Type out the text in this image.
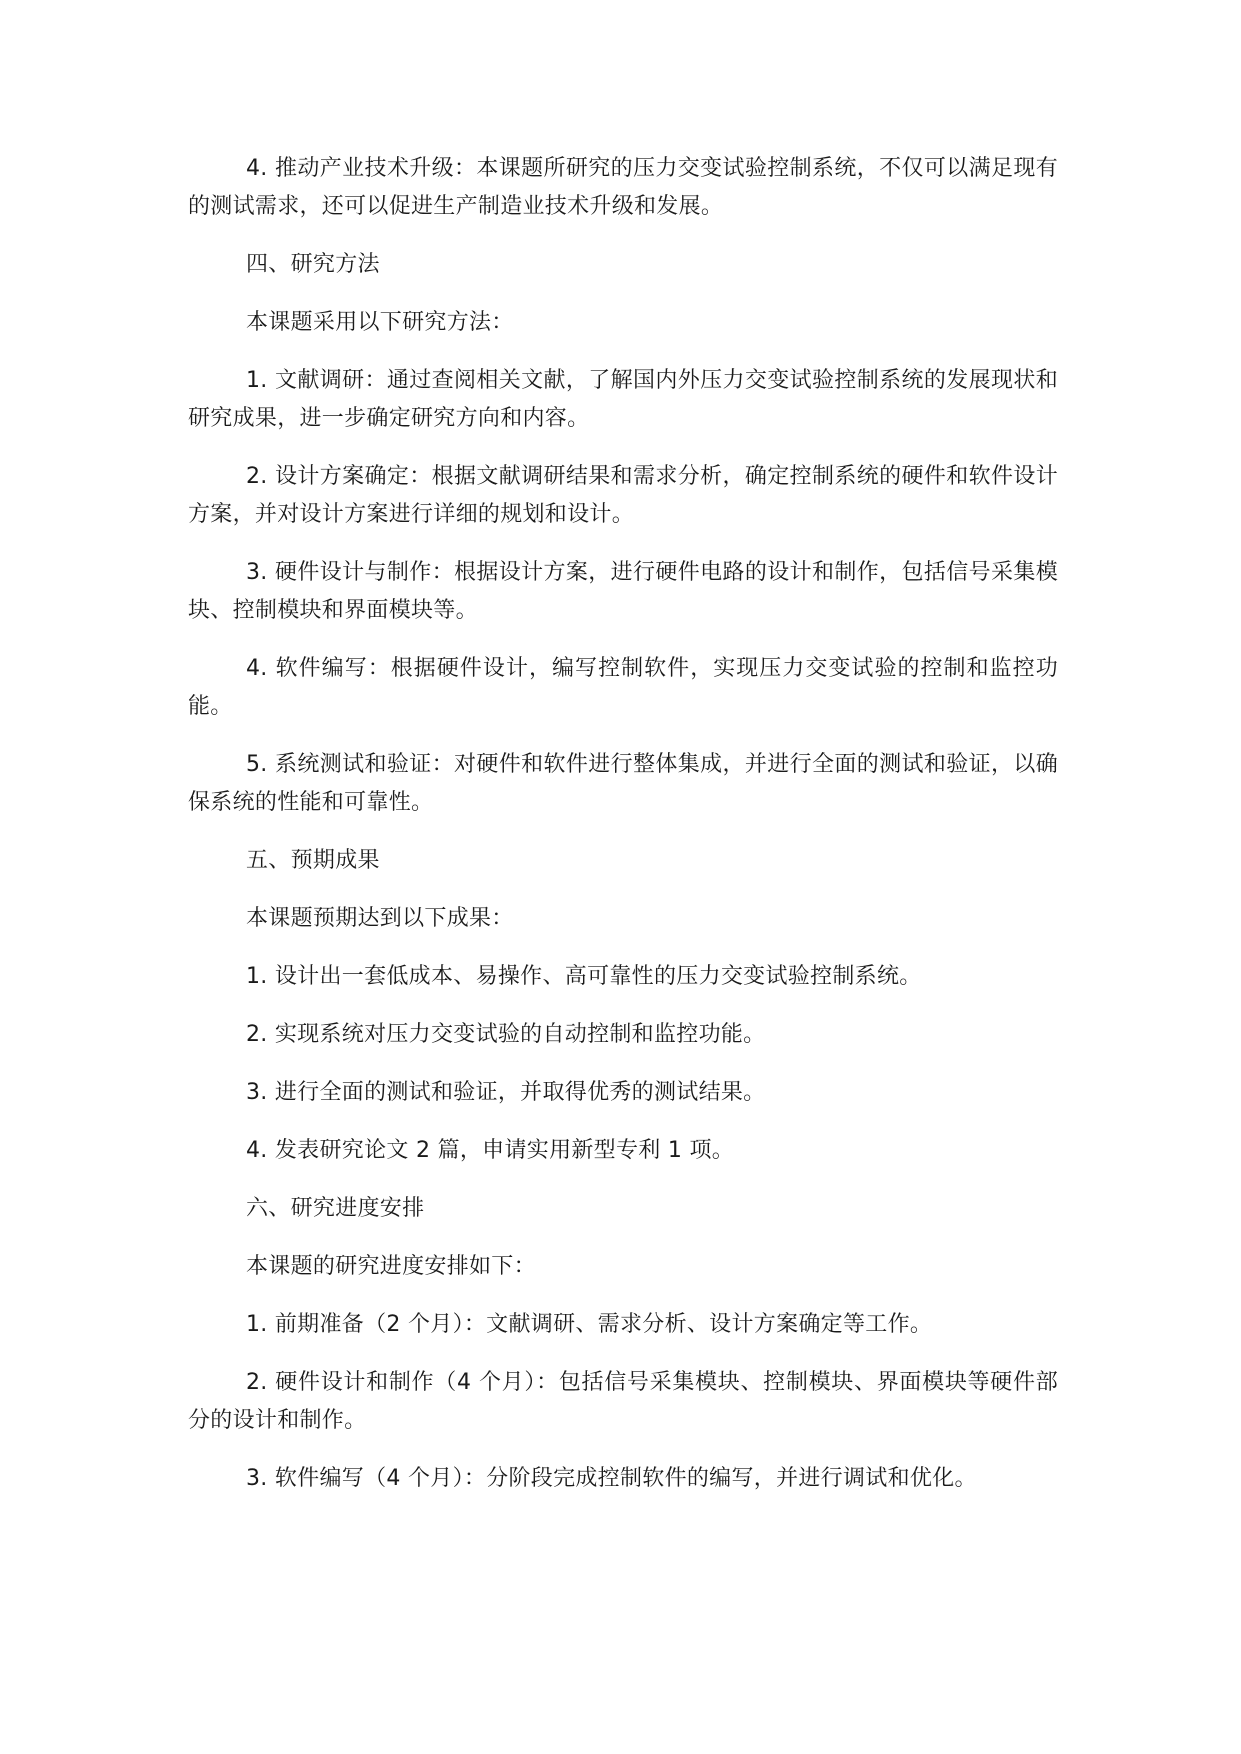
4. 推动产业技术升级：本课题所研究的压力交变试验控制系统，不仅可以满足现有的测试需求，还可以促进生产制造业技术升级和发展。

四、研究方法

本课题采用以下研究方法：

1. 文献调研：通过查阅相关文献，了解国内外压力交变试验控制系统的发展现状和研究成果，进一步确定研究方向和内容。

2. 设计方案确定：根据文献调研结果和需求分析，确定控制系统的硬件和软件设计方案，并对设计方案进行详细的规划和设计。

3. 硬件设计与制作：根据设计方案，进行硬件电路的设计和制作，包括信号采集模块、控制模块和界面模块等。

4. 软件编写：根据硬件设计，编写控制软件，实现压力交变试验的控制和监控功能。

5. 系统测试和验证：对硬件和软件进行整体集成，并进行全面的测试和验证，以确保系统的性能和可靠性。

五、预期成果

本课题预期达到以下成果：

1. 设计出一套低成本、易操作、高可靠性的压力交变试验控制系统。

2. 实现系统对压力交变试验的自动控制和监控功能。

3. 进行全面的测试和验证，并取得优秀的测试结果。

4. 发表研究论文 2 篇，申请实用新型专利 1 项。

六、研究进度安排

本课题的研究进度安排如下：

1. 前期准备（2 个月）：文献调研、需求分析、设计方案确定等工作。

2. 硬件设计和制作（4 个月）：包括信号采集模块、控制模块、界面模块等硬件部分的设计和制作。

3. 软件编写（4 个月）：分阶段完成控制软件的编写，并进行调试和优化。
